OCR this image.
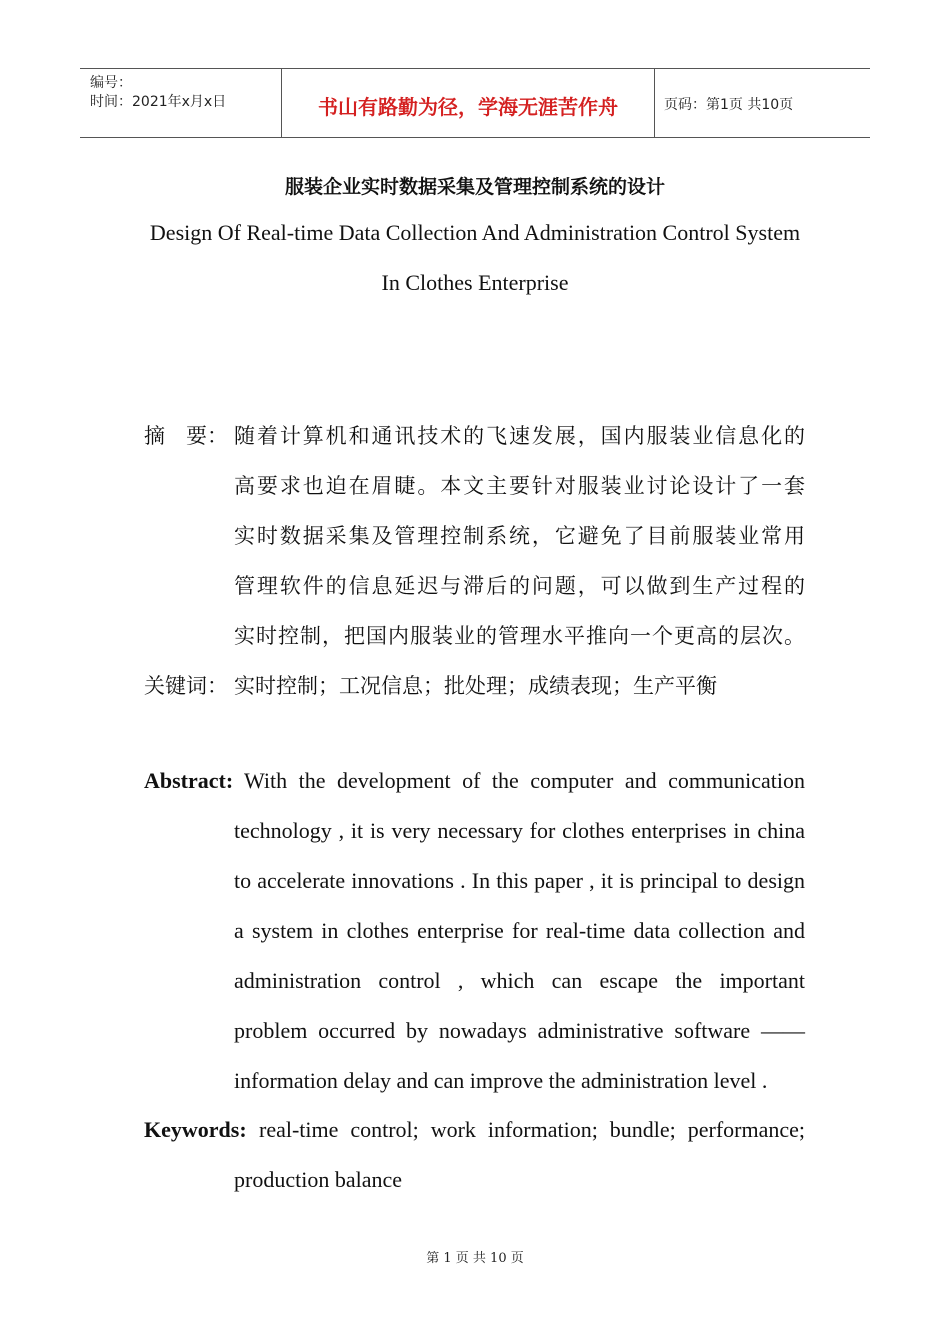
编号：
时间：2021年x月x日	书山有路勤为径，学海无涯苦作舟	页码：第1页 共10页
服装企业实时数据采集及管理控制系统的设计
Design Of Real-time Data Collection And Administration Control System
In Clothes Enterprise
摘　要： 随着计算机和通讯技术的飞速发展，国内服装业信息化的
高要求也迫在眉睫。本文主要针对服装业讨论设计了一套
实时数据采集及管理控制系统，它避免了目前服装业常用
管理软件的信息延迟与滞后的问题，可以做到生产过程的
实时控制，把国内服装业的管理水平推向一个更高的层次。
关键词： 实时控制；工况信息；批处理；成绩表现；生产平衡
Abstract: With the development of the computer and communication
technology , it is very necessary for clothes enterprises in china
to accelerate innovations . In this paper , it is principal to design
a system in clothes enterprise for real-time data collection and
administration control , which can escape the important
problem occurred by nowadays administrative software ——
information delay and can improve the administration level .
Keywords: real-time control; work information; bundle; performance;
production balance
第 1 页 共 10 页
